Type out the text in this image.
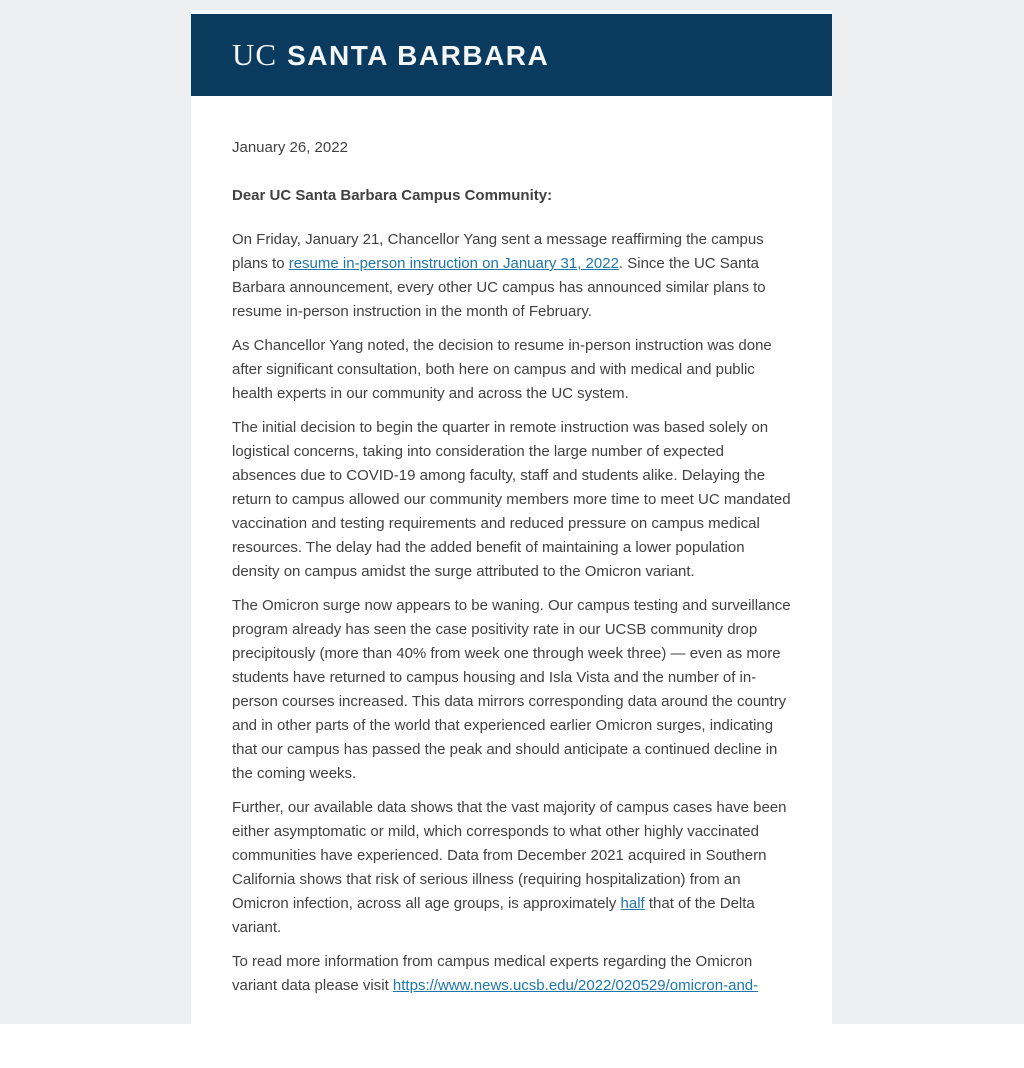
UC SANTA BARBARA

January 26, 2022

Dear UC Santa Barbara Campus Community:

On Friday, January 21, Chancellor Yang sent a message reaffirming the campus plans to resume in-person instruction on January 31, 2022. Since the UC Santa Barbara announcement, every other UC campus has announced similar plans to resume in-person instruction in the month of February.

As Chancellor Yang noted, the decision to resume in-person instruction was done after significant consultation, both here on campus and with medical and public health experts in our community and across the UC system.

The initial decision to begin the quarter in remote instruction was based solely on logistical concerns, taking into consideration the large number of expected absences due to COVID-19 among faculty, staff and students alike. Delaying the return to campus allowed our community members more time to meet UC mandated vaccination and testing requirements and reduced pressure on campus medical resources. The delay had the added benefit of maintaining a lower population density on campus amidst the surge attributed to the Omicron variant.

The Omicron surge now appears to be waning. Our campus testing and surveillance program already has seen the case positivity rate in our UCSB community drop precipitously (more than 40% from week one through week three) — even as more students have returned to campus housing and Isla Vista and the number of in-person courses increased. This data mirrors corresponding data around the country and in other parts of the world that experienced earlier Omicron surges, indicating that our campus has passed the peak and should anticipate a continued decline in the coming weeks.

Further, our available data shows that the vast majority of campus cases have been either asymptomatic or mild, which corresponds to what other highly vaccinated communities have experienced. Data from December 2021 acquired in Southern California shows that risk of serious illness (requiring hospitalization) from an Omicron infection, across all age groups, is approximately half that of the Delta variant.

To read more information from campus medical experts regarding the Omicron variant data please visit https://www.news.ucsb.edu/2022/020529/omicron-and-
